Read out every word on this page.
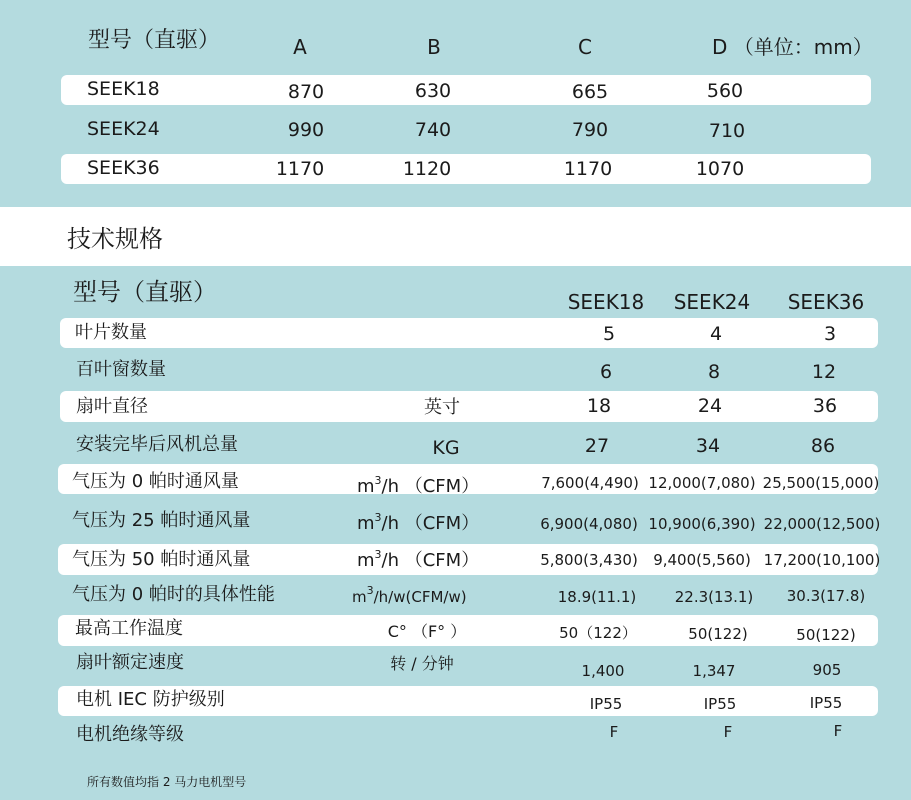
型号（直驱）	A	B	C	D （单位：mm）
SEEK18	870	630	665	560
SEEK24	990	740	790	710
SEEK36	1170	1120	1170	1070
技术规格
型号（直驱）	SEEK18 SEEK24 SEEK36
叶片数量	5	4	3
百叶窗数量	6	8	12
扇叶直径	英寸	18	24	36
安装完毕后风机总量	KG	27	34	86
气压为 0 帕时通风量	$m^3/h$ （CFM）	7,600(4,490) 12,000(7,080) 25,500(15,000)
气压为 25 帕时通风量	$m^3/h$ （CFM）	6,900(4,080) 10,900(6,390) 22,000(12,500)
气压为 50 帕时通风量	$m^3/h$ （CFM）	5,800(3,430) 9,400(5,560) 17,200(10,100)
气压为 0 帕时的具体性能	$m^3/h/w(CFM/w)$	18.9(11.1)	22.3(13.1) 30.3(17.8)
最高工作温度	C° （F° ）	50（122）	50(122)	50(122)
扇叶额定速度	转 / 分钟	1,400	1,347	905
电机 IEC 防护级别	IP55	IP55	IP55
电机绝缘等级	F	F	F
所有数值均指 2 马力电机型号
